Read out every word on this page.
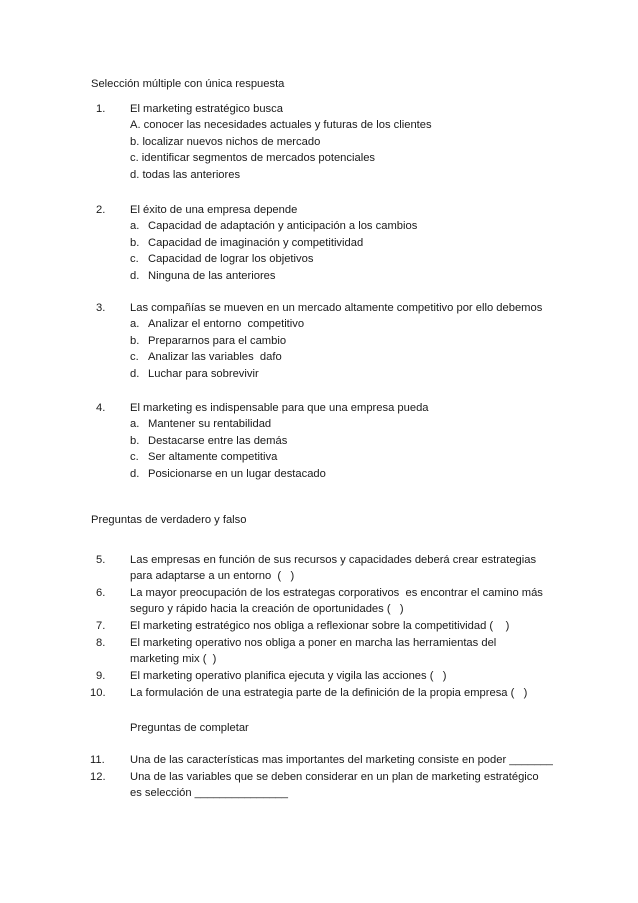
Selección múltiple con única respuesta
1.	El marketing estratégico busca
A. conocer las necesidades actuales y futuras de los clientes
b. localizar nuevos nichos de mercado
c. identificar segmentos de mercados potenciales
d. todas las anteriores
2.	El éxito de una empresa depende
a. Capacidad de adaptación y anticipación a los cambios
b. Capacidad de imaginación y competitividad
c. Capacidad de lograr los objetivos
d. Ninguna de las anteriores
3.	Las compañías se mueven en un mercado altamente competitivo por ello debemos
a. Analizar el entorno  competitivo
b. Prepararnos para el cambio
c. Analizar las variables  dafo
d. Luchar para sobrevivir
4.	El marketing es indispensable para que una empresa pueda
a. Mantener su rentabilidad
b. Destacarse entre las demás
c. Ser altamente competitiva
d. Posicionarse en un lugar destacado
Preguntas de verdadero y falso
5.	Las empresas en función de sus recursos y capacidades deberá crear estrategias para adaptarse a un entorno  (   )
6.	La mayor preocupación de los estrategas corporativos  es encontrar el camino más seguro y rápido hacia la creación de oportunidades (   )
7.	El marketing estratégico nos obliga a reflexionar sobre la competitividad (    )
8.	El marketing operativo nos obliga a poner en marcha las herramientas del marketing mix (  )
9.	El marketing operativo planifica ejecuta y vigila las acciones (   )
10.	La formulación de una estrategia parte de la definición de la propia empresa (   )
Preguntas de completar
11.	Una de las características mas importantes del marketing consiste en poder _______
12.	Una de las variables que se deben considerar en un plan de marketing estratégico es selección _______________
